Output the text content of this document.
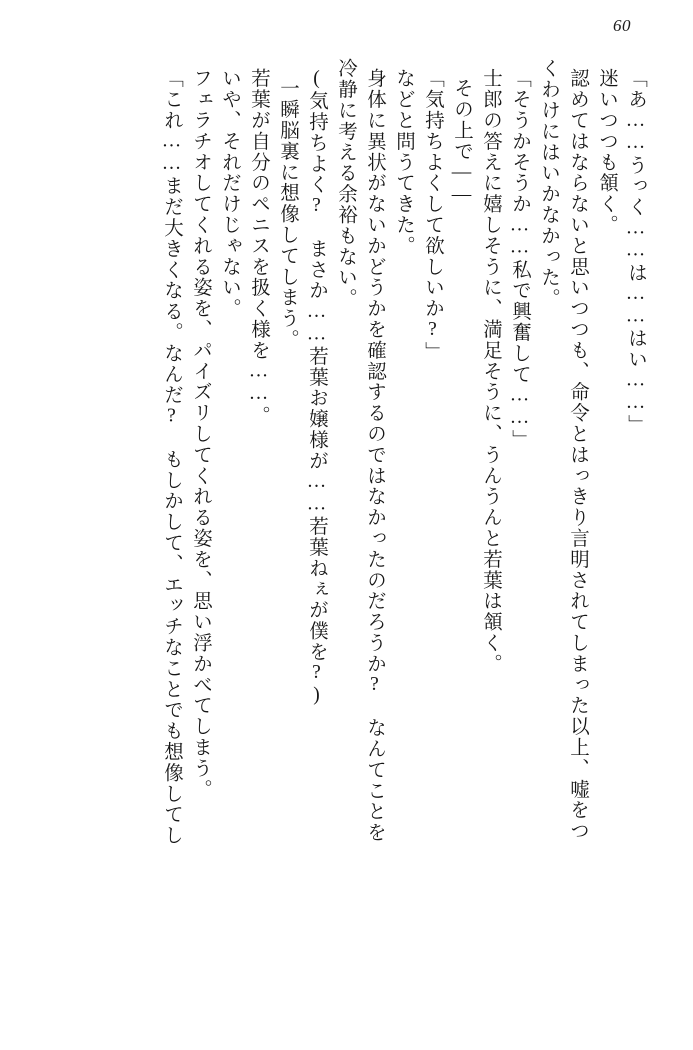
60
「あ……うっく……は……はい……」
迷いつつも頷く。
認めてはならないと思いつつも、命令とはっきり言明されてしまった以上、嘘をつ
くわけにはいかなかった。
「そうかそうか……私で興奮して……」
士郎の答えに嬉しそうに、満足そうに、うんうんと若葉は頷く。
その上で――
「気持ちよくして欲しいか?」
などと問うてきた。
身体に異状がないかどうかを確認するのではなかったのだろうか?　なんてことを
冷静に考える余裕もない。
(気持ちよく?　まさか……若葉お嬢様が……若葉ねぇが僕を?)
一瞬脳裏に想像してしまう。
若葉が自分のペニスを扱く様を……。
いや、それだけじゃない。
フェラチオしてくれる姿を、パイズリしてくれる姿を、思い浮かべてしまう。
「これ……まだ大きくなる。なんだ?　もしかして、エッチなことでも想像してし
